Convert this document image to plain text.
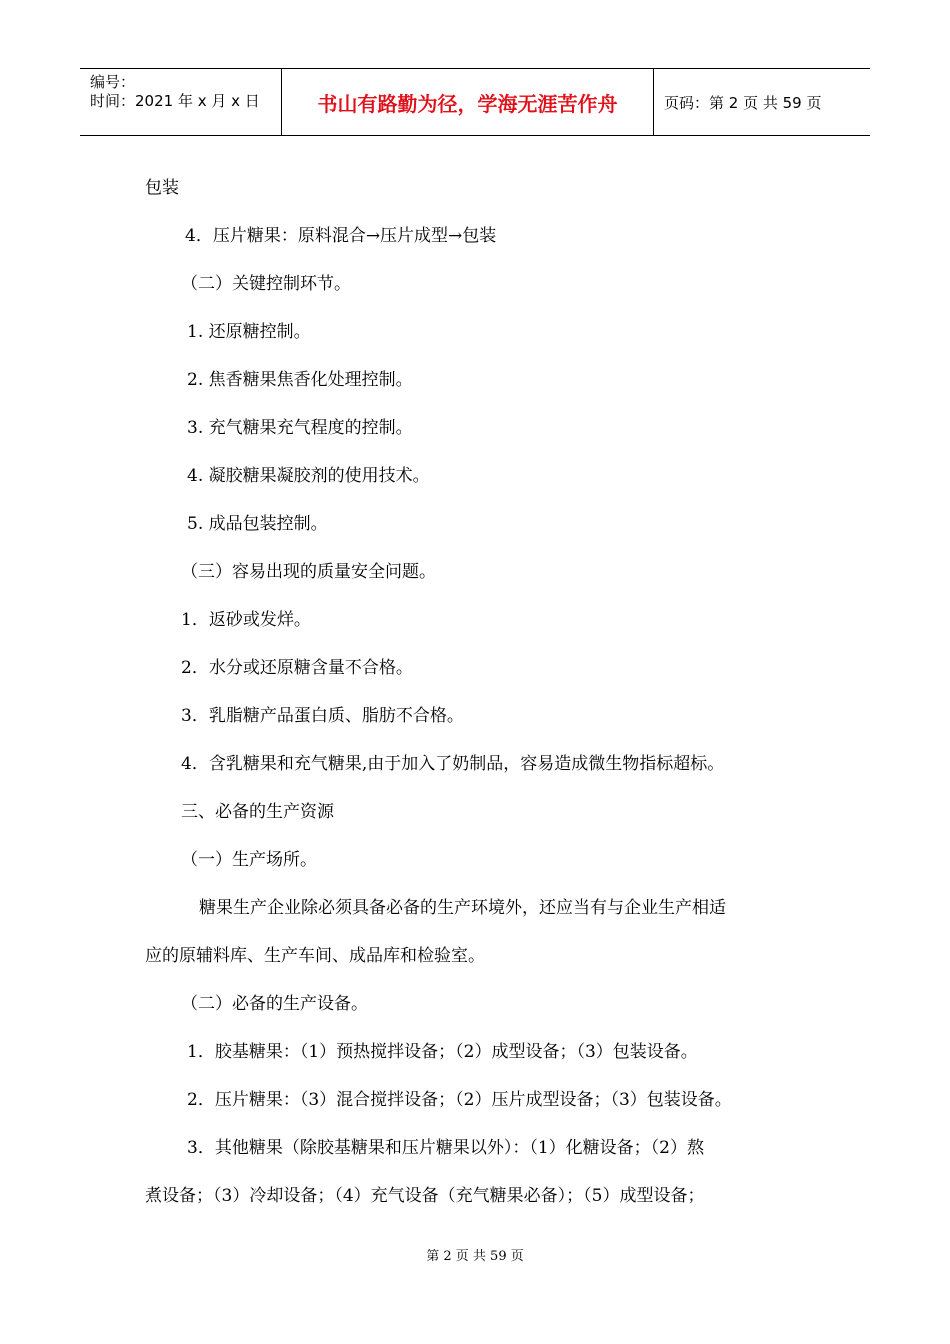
编号：
时间：2021 年 x 月 x 日	书山有路勤为径，学海无涯苦作舟	页码：第 2 页 共 59 页
包装
4．压片糖果：原料混合→压片成型→包装
（二）关键控制环节。
1. 还原糖控制。
2. 焦香糖果焦香化处理控制。
3. 充气糖果充气程度的控制。
4. 凝胶糖果凝胶剂的使用技术。
5. 成品包装控制。
（三）容易出现的质量安全问题。
1．返砂或发烊。
2．水分或还原糖含量不合格。
3．乳脂糖产品蛋白质、脂肪不合格。
4．含乳糖果和充气糖果,由于加入了奶制品，容易造成微生物指标超标。
三、必备的生产资源
（一）生产场所。
糖果生产企业除必须具备必备的生产环境外，还应当有与企业生产相适
应的原辅料库、生产车间、成品库和检验室。
（二）必备的生产设备。
1．胶基糖果：（1）预热搅拌设备；（2）成型设备；（3）包装设备。
2．压片糖果：（3）混合搅拌设备；（2）压片成型设备；（3）包装设备。
3．其他糖果（除胶基糖果和压片糖果以外）：（1）化糖设备；（2）熬
煮设备；（3）冷却设备；（4）充气设备（充气糖果必备）；（5）成型设备；
第 2 页 共 59 页
